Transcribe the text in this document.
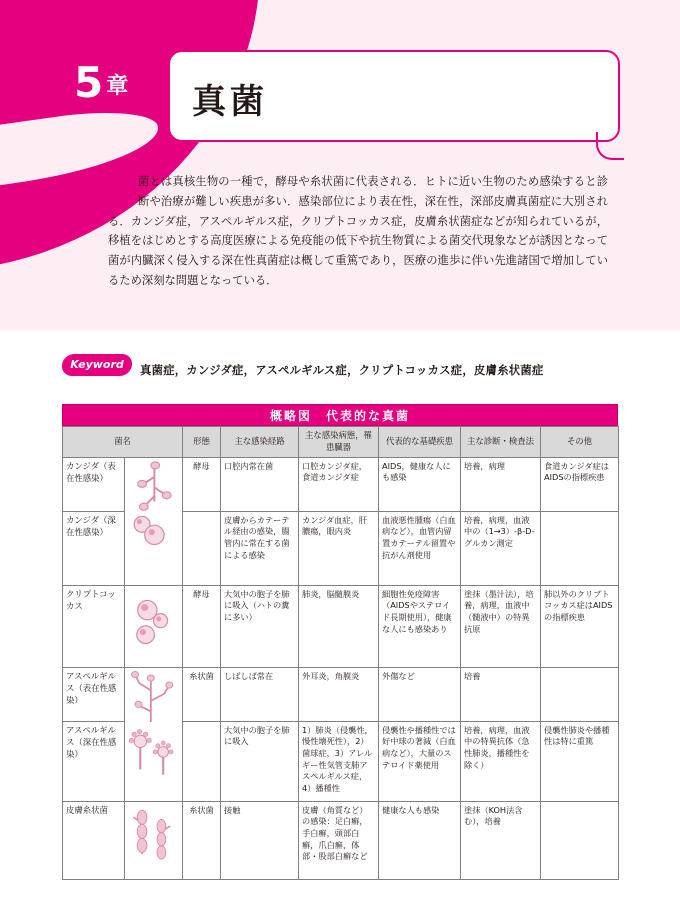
5 章 真菌
真菌とは真核生物の一種で，酵母や糸状菌に代表される．ヒトに近い生物のため感染すると診断や治療が難しい疾患が多い．感染部位により表在性，深在性，深部皮膚真菌症に大別される．カンジダ症，アスペルギルス症，クリプトコッカス症，皮膚糸状菌症などが知られているが，移植をはじめとする高度医療による免疫能の低下や抗生物質による菌交代現象などが誘因となって菌が内臓深く侵入する深在性真菌症は概して重篤であり，医療の進歩に伴い先進諸国で増加しているため深刻な問題となっている．
Keyword
キーワード 真菌症，カンジダ症，アスペルギルス症，クリプトコッカス症，皮膚糸状菌症
概略図　代表的な真菌
菌名		形態	主な感染経路	主な感染病態，罹患臓器	代表的な基礎疾患	主な診断・検査法	その他
カンジダ（表在性感染）		酵母	口腔内常在菌	口腔カンジダ症，食道カンジダ症	AIDS，健康な人にも感染	培養，病理	食道カンジダ症はAIDSの指標疾患
カンジダ（深在性感染）			皮膚からカテーテル経由の感染，腸管内に常在する菌による感染	カンジダ血症，肝膿瘍，眼内炎	血液悪性腫瘍（白血病など），血管内留置カテーテル留置や抗がん剤使用	培養，病理，血液中の（1→3）-β-D-グルカン測定	
クリプトコッカス		酵母	大気中の胞子を肺に吸入（ハトの糞に多い）	肺炎，脳髄膜炎	細胞性免疫障害（AIDSやステロイド長期使用），健康な人にも感染あり	塗抹（墨汁法），培養，病理，血液中（髄液中）の特異抗原	肺以外のクリプトコッカス症はAIDSの指標疾患
アスペルギルス（表在性感染）		糸状菌	しばしば常在	外耳炎，角膜炎	外傷など	培養	
アスペルギルス（深在性感染）			大気中の胞子を肺に吸入	1）肺炎（侵襲性，慢性壊死性），2）菌球症，3）アレルギー性気管支肺アスペルギルス症，4）播種性	侵襲性や播種性では好中球の著減（白血病など），大量のステロイド薬使用	培養，病理，血液中の特異抗体（急性肺炎，播種性を除く）	侵襲性肺炎や播種性は特に重篤
皮膚糸状菌		糸状菌	接触	皮膚（角質など）の感染：足白癬，手白癬，頭部白癬，爪白癬，体部・股部白癬など	健康な人も感染	塗抹（KOH法含む），培養	
